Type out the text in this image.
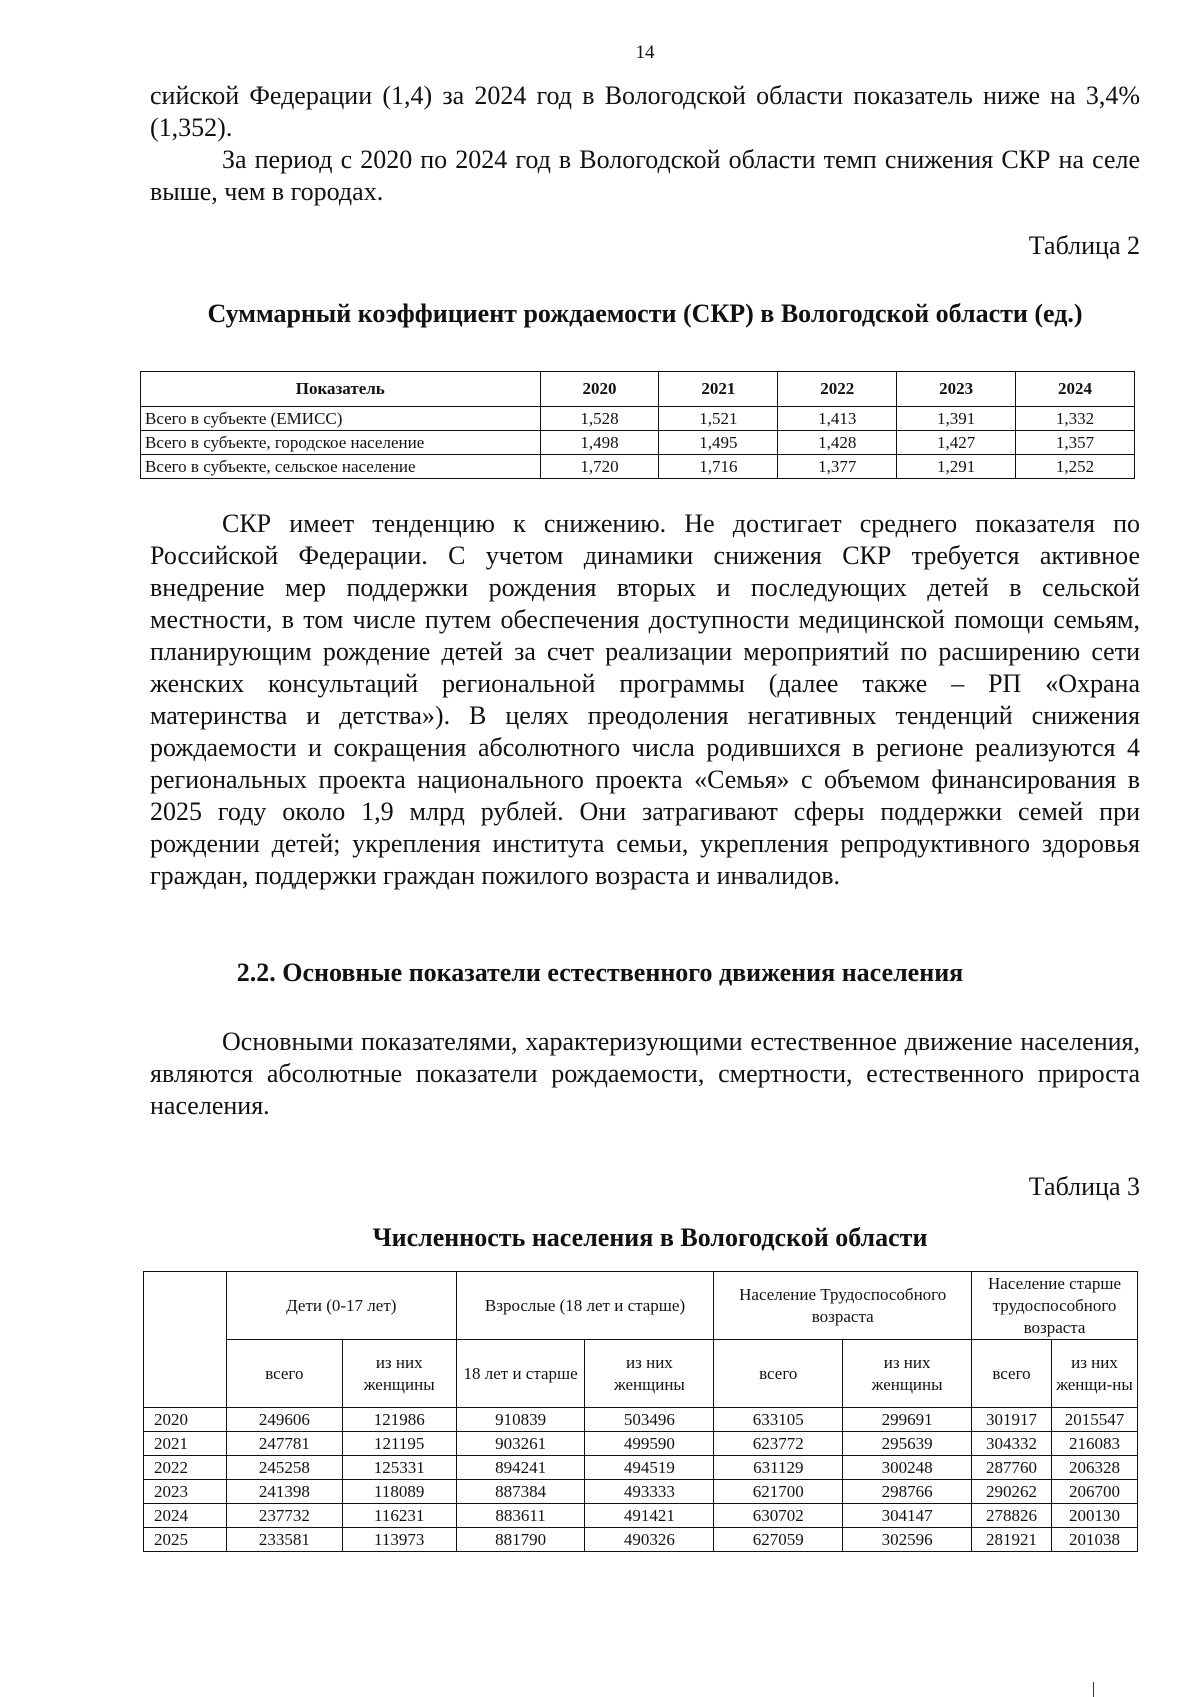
14

сийской Федерации (1,4) за 2024 год в Вологодской области показатель ниже на 3,4% (1,352).

За период с 2020 по 2024 год в Вологодской области темп снижения СКР на селе выше, чем в городах.

Таблица 2
Суммарный коэффициент рождаемости (СКР) в Вологодской области (ед.)
Показатель	2020	2021	2022	2023	2024
Всего в субъекте (ЕМИСС)	1,528	1,521	1,413	1,391	1,332
Всего в субъекте, городское население	1,498	1,495	1,428	1,427	1,357
Всего в субъекте, сельское население	1,720	1,716	1,377	1,291	1,252

СКР имеет тенденцию к снижению. Не достигает среднего показателя по Российской Федерации. С учетом динамики снижения СКР требуется активное внедрение мер поддержки рождения вторых и последующих детей в сельской местности, в том числе путем обеспечения доступности медицинской помощи семьям, планирующим рождение детей за счет реализации мероприятий по расширению сети женских консультаций региональной программы (далее также – РП «Охрана материнства и детства»). В целях преодоления негативных тенденций снижения рождаемости и сокращения абсолютного числа родившихся в регионе реализуются 4 региональных проекта национального проекта «Семья» с объемом финансирования в 2025 году около 1,9 млрд рублей. Они затрагивают сферы поддержки семей при рождении детей; укрепления института семьи, укрепления репродуктивного здоровья граждан, поддержки граждан пожилого возраста и инвалидов.

2.2. Основные показатели естественного движения населения

Основными показателями, характеризующими естественное движение населения, являются абсолютные показатели рождаемости, смертности, естественного прироста населения.

Таблица 3
Численность населения в Вологодской области
	Дети (0-17 лет)		Взрослые (18 лет и старше)		Население Трудоспособного возраста		Население старше трудоспособного возраста	
	всего	из них женщины	18 лет и старше	из них женщины	всего	из них женщины	всего	из них женщи-ны
2020	249606	121986	910839	503496	633105	299691	301917	2015547
2021	247781	121195	903261	499590	623772	295639	304332	216083
2022	245258	125331	894241	494519	631129	300248	287760	206328
2023	241398	118089	887384	493333	621700	298766	290262	206700
2024	237732	116231	883611	491421	630702	304147	278826	200130
2025	233581	113973	881790	490326	627059	302596	281921	201038
